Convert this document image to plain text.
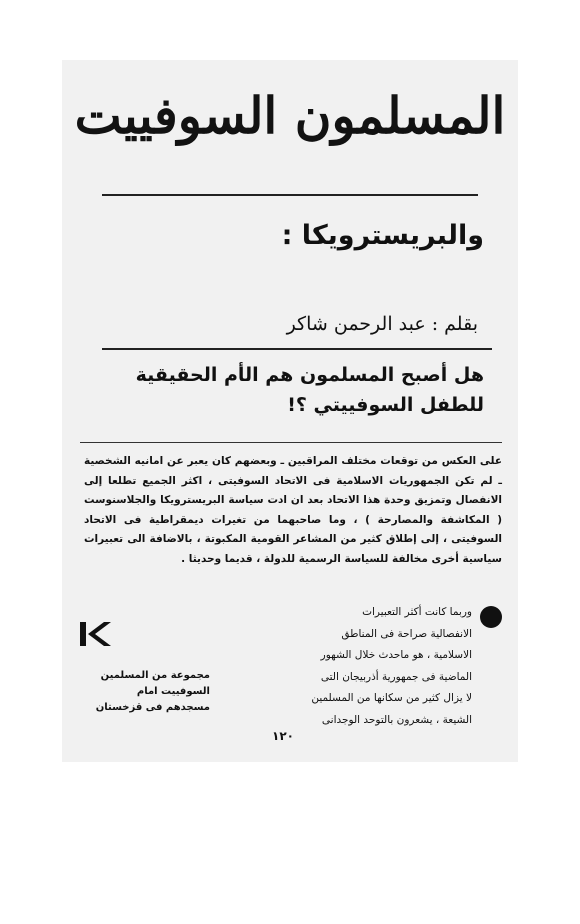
المسلمون السوفييت
والبريسترويكا :
بقلم : عبد الرحمن شاكر
هل أصبح المسلمون هم الأم الحقيقية للطفل السوفييتي ؟!
على العكس من توقعات مختلف المراقبين ـ وبعضهم كان يعبر عن امانيه الشخصية ـ لم تكن الجمهوريات الاسلامية فى الاتحاد السوفيتى ، اكثر الجميع تطلعا إلى الانفصال وتمزيق وحدة هذا الاتحاد بعد ان ادت سياسة البريسترويكا والجلاسنوست ( المكاشفة والمصارحة ) ، وما صاحبهما من تغيرات ديمقراطية فى الاتحاد السوفيتى ، إلى إطلاق كثير من المشاعر القومية المكبوتة ، بالاضافة الى تعبيرات سياسية أخرى مخالفة للسياسة الرسمية للدولة ، قديما وحديثا .
وربما كانت أكثر التعبيرات
الانفصالية صراحة فى المناطق
الاسلامية ، هو ماحدث خلال الشهور
الماضية فى جمهورية أذربيجان التى
لا يزال كثير من سكانها من المسلمين
الشيعة ، يشعرون بالتوحد الوجدانى
مجموعة من المسلمين
السوفييت امام
مسجدهم فى قزخستان
١٢٠
